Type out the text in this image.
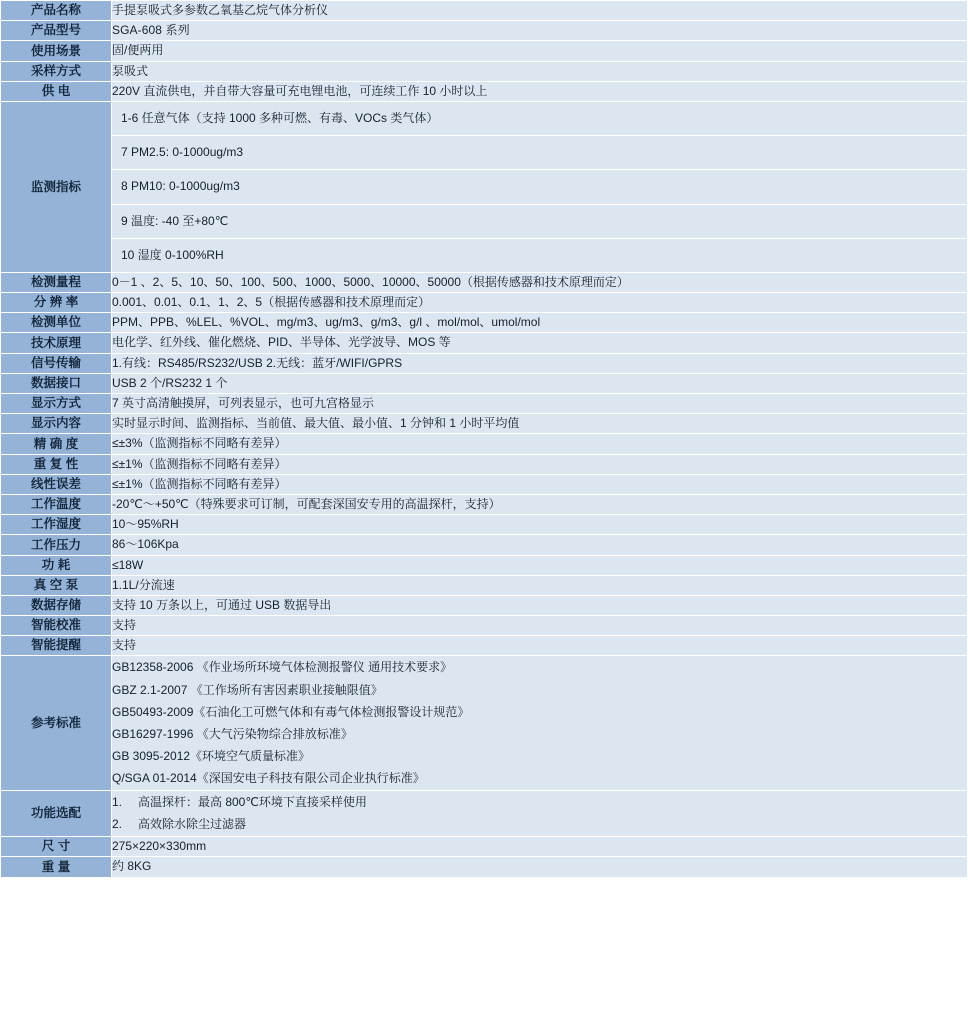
产品名称	手提泵吸式多参数乙氧基乙烷气体分析仪
产品型号	SGA-608 系列
使用场景	固/便两用
采样方式	泵吸式
供 电	220V 直流供电，并自带大容量可充电锂电池，可连续工作 10 小时以上
监测指标	
1-6 任意气体（支持 1000 多种可燃、有毒、VOCs 类气体）
7 PM2.5: 0-1000ug/m3
8 PM10: 0-1000ug/m3
9 温度: -40 至+80℃
10 湿度 0-100%RH

检测量程	0－1 、2、5、10、50、100、500、1000、5000、10000、50000（根据传感器和技术原理而定）
分 辨 率	0.001、0.01、0.1、1、2、5（根据传感器和技术原理而定）
检测单位	PPM、PPB、%LEL、%VOL、mg/m3、ug/m3、g/m3、g/l 、mol/mol、umol/mol
技术原理	电化学、红外线、催化燃烧、PID、半导体、光学波导、MOS 等
信号传输	1.有线：RS485/RS232/USB 2.无线：蓝牙/WIFI/GPRS
数据接口	USB 2 个/RS232 1 个
显示方式	7 英寸高清触摸屏，可列表显示，也可九宫格显示
显示内容	实时显示时间、监测指标、当前值、最大值、最小值、1 分钟和 1 小时平均值
精 确 度	≤±3%（监测指标不同略有差异）
重 复 性	≤±1%（监测指标不同略有差异）
线性误差	≤±1%（监测指标不同略有差异）
工作温度	-20℃～+50℃（特殊要求可订制，可配套深国安专用的高温探杆，支持）
工作湿度	10～95%RH
工作压力	86～106Kpa
功 耗	≤18W
真 空 泵	1.1L/分流速
数据存储	支持 10 万条以上，可通过 USB 数据导出
智能校准	支持
智能提醒	支持
参考标准	
GB12358-2006 《作业场所环境气体检测报警仪 通用技术要求》
GBZ 2.1-2007 《工作场所有害因素职业接触限值》
GB50493-2009《石油化工可燃气体和有毒气体检测报警设计规范》
GB16297-1996 《大气污染物综合排放标准》
GB 3095-2012《环境空气质量标准》
Q/SGA 01-2014《深国安电子科技有限公司企业执行标准》

功能选配	
1.	高温探杆：最高 800℃环境下直接采样使用
2.	高效除水除尘过滤器

尺 寸	275×220×330mm
重 量	约 8KG
